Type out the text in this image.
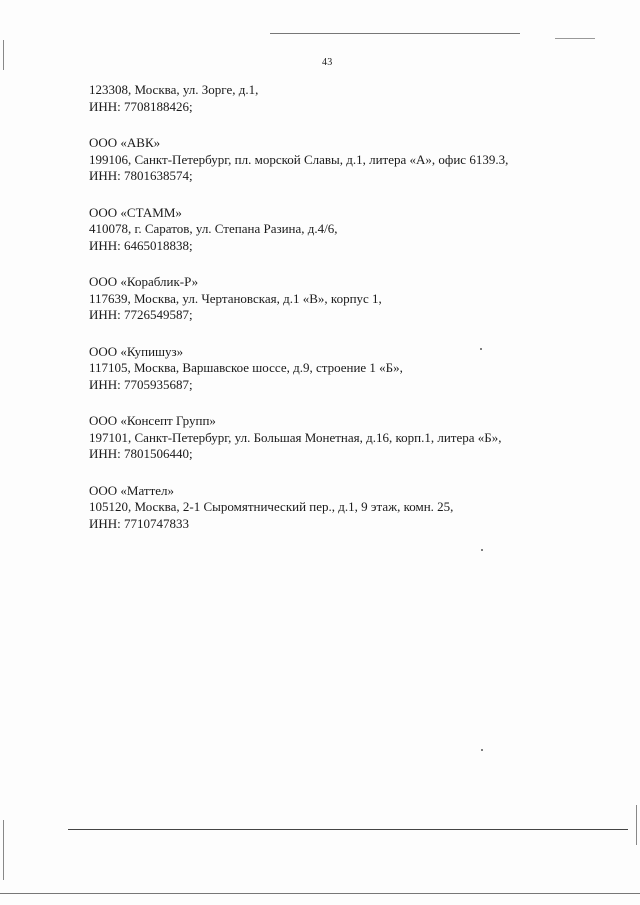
43
123308, Москва, ул. Зорге, д.1,
ИНН: 7708188426;
ООО «АВК»
199106, Санкт-Петербург, пл. морской Славы, д.1, литера «А», офис 6139.3,
ИНН: 7801638574;
ООО «СТАММ»
410078, г. Саратов, ул. Степана Разина, д.4/6,
ИНН: 6465018838;
ООО «Кораблик-Р»
117639, Москва, ул. Чертановская, д.1 «В», корпус 1,
ИНН: 7726549587;
ООО «Купишуз»
117105, Москва, Варшавское шоссе, д.9, строение 1 «Б»,
ИНН: 7705935687;
ООО «Консепт Групп»
197101, Санкт-Петербург, ул. Большая Монетная, д.16, корп.1, литера «Б»,
ИНН: 7801506440;
ООО «Маттел»
105120, Москва, 2-1 Сыромятнический пер., д.1, 9 этаж, комн. 25,
ИНН: 7710747833
